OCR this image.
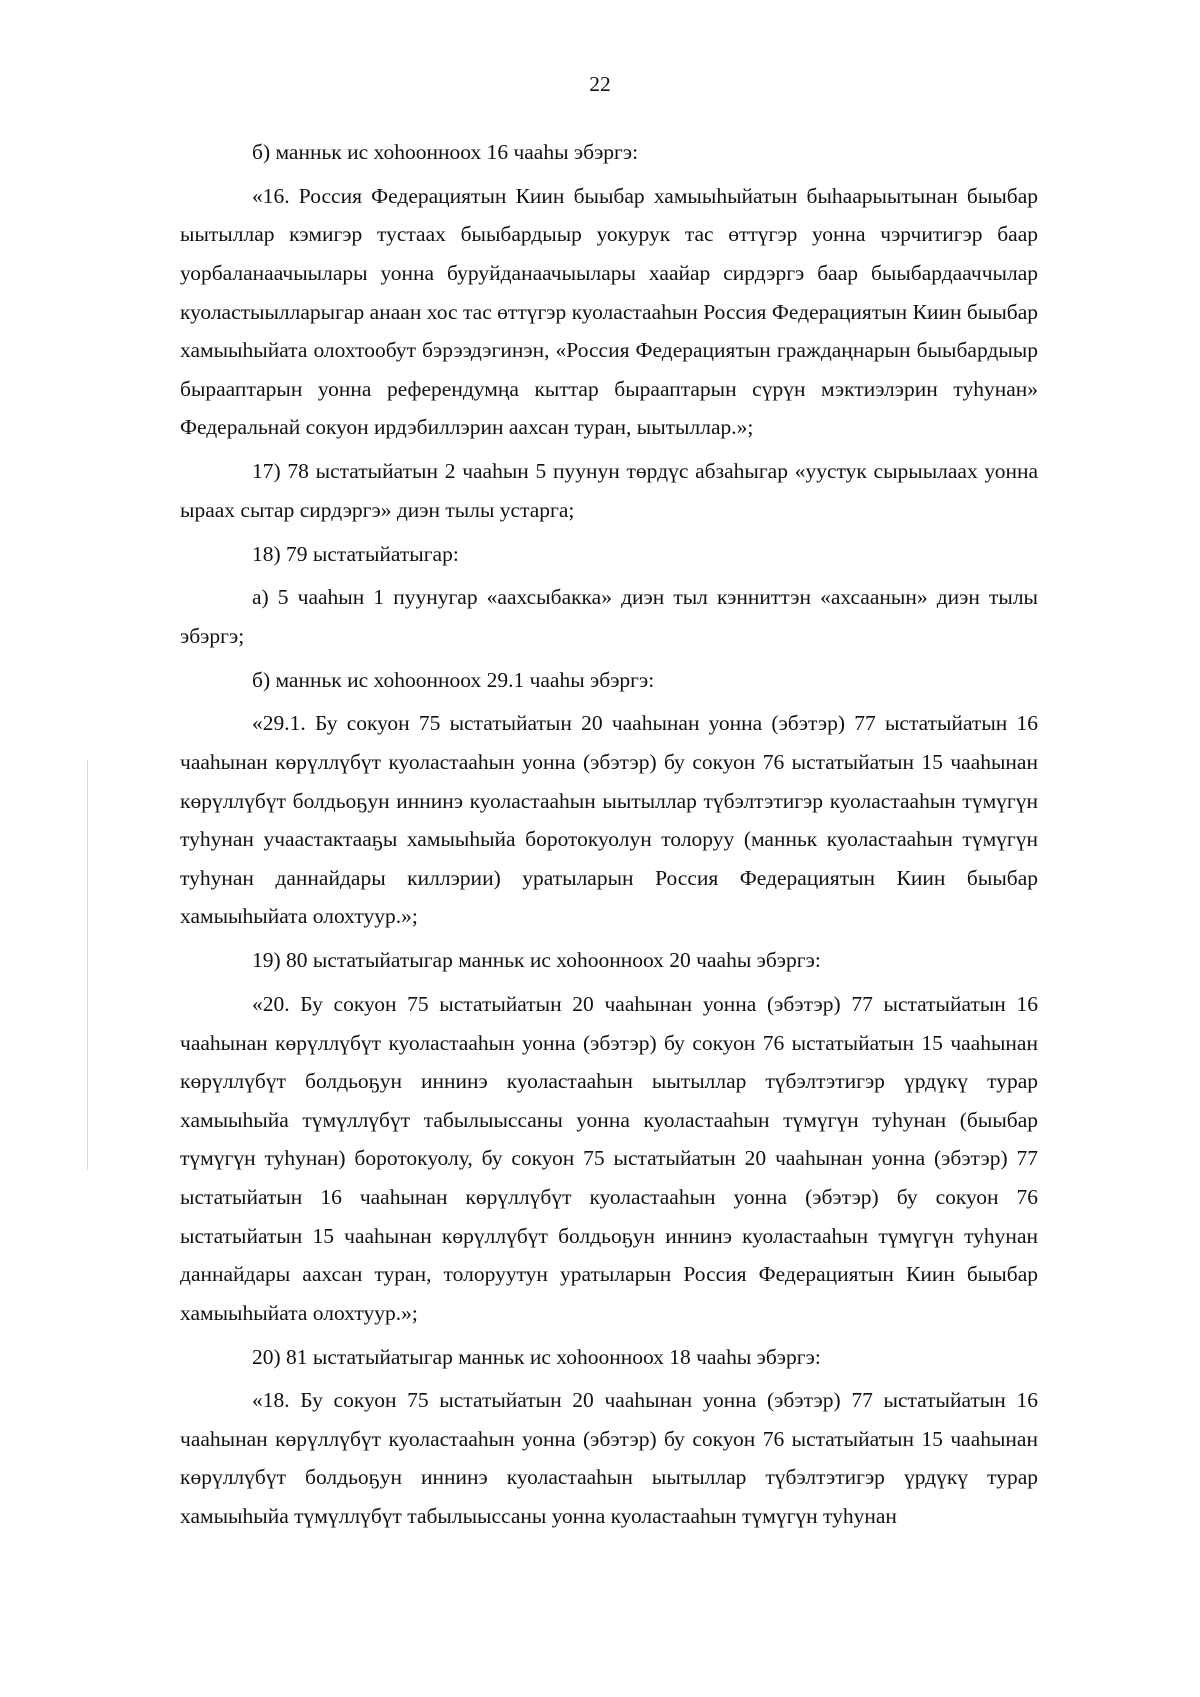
22

б) манньк ис хоhоонноох 16 чааhы эбэргэ:

«16. Россия Федерациятын Киин быыбар хамыыhыйатын быhаарыытынан быыбар ыытыллар кэмигэр тустаах быыбардыыр уокурук тас өттүгэр уонна чэрчитигэр баар уорбаланаачыылары уонна буруйданаачыылары хаайар сирдэргэ баар быыбардааччылар куоластыылларыгар анаан хос тас өттүгэр куоластааhын Россия Федерациятын Киин быыбар хамыыhыйата олохтообут бэрээдэгинэн, «Россия Федерациятын граждаңнарын быыбардыыр бырааптарын уонна референдумңа кыттар бырааптарын сүрүн мэктиэлэрин туhунан» Федеральнай сокуон ирдэбиллэрин аахсан туран, ыытыллар.»;

17) 78 ыстатыйатын 2 чааhын 5 пуунун төрдүс абзаhыгар «уустук сырыылаах уонна ыраах сытар сирдэргэ» диэн тылы устарга;

18) 79 ыстатыйатыгар:

а) 5 чааhын 1 пуунугар «аахсыбакка» диэн тыл кэнниттэн «ахсаанын» диэн тылы эбэргэ;

б) манньк ис хоhоонноох 29.1 чааhы эбэргэ:

«29.1. Бу сокуон 75 ыстатыйатын 20 чааhынан уонна (эбэтэр) 77 ыстатыйатын 16 чааhынан көрүллүбүт куоластааhын уонна (эбэтэр) бу сокуон 76 ыстатыйатын 15 чааhынан көрүллүбүт болдьоҕун иннинэ куоластааhын ыытыллар түбэлтэтигэр куоластааhын түмүгүн туhунан учаастактааҕы хамыыhыйа боротокуолун толоруу (манньк куоластааhын түмүгүн туhунан даннайдары киллэрии) уратыларын Россия Федерациятын Киин быыбар хамыыhыйата олохтуур.»;

19) 80 ыстатыйатыгар манньк ис хоhоонноох 20 чааhы эбэргэ:

«20. Бу сокуон 75 ыстатыйатын 20 чааhынан уонна (эбэтэр) 77 ыстатыйатын 16 чааhынан көрүллүбүт куоластааhын уонна (эбэтэр) бу сокуон 76 ыстатыйатын 15 чааhынан көрүллүбүт болдьоҕун иннинэ куоластааhын ыытыллар түбэлтэтигэр үрдүкү турар хамыыhыйа түмүллүбүт табылыыссаны уонна куоластааhын түмүгүн туhунан (быыбар түмүгүн туhунан) боротокуолу, бу сокуон 75 ыстатыйатын 20 чааhынан уонна (эбэтэр) 77 ыстатыйатын 16 чааhынан көрүллүбүт куоластааhын уонна (эбэтэр) бу сокуон 76 ыстатыйатын 15 чааhынан көрүллүбүт болдьоҕун иннинэ куоластааhын түмүгүн туhунан даннайдары аахсан туран, толоруутун уратыларын Россия Федерациятын Киин быыбар хамыыhыйата олохтуур.»;

20) 81 ыстатыйатыгар манньк ис хоhоонноох 18 чааhы эбэргэ:

«18. Бу сокуон 75 ыстатыйатын 20 чааhынан уонна (эбэтэр) 77 ыстатыйатын 16 чааhынан көрүллүбүт куоластааhын уонна (эбэтэр) бу сокуон 76 ыстатыйатын 15 чааhынан көрүллүбүт болдьоҕун иннинэ куоластааhын ыытыллар түбэлтэтигэр үрдүкү турар хамыыhыйа түмүллүбүт табылыыссаны уонна куоластааhын түмүгүн туhунан
